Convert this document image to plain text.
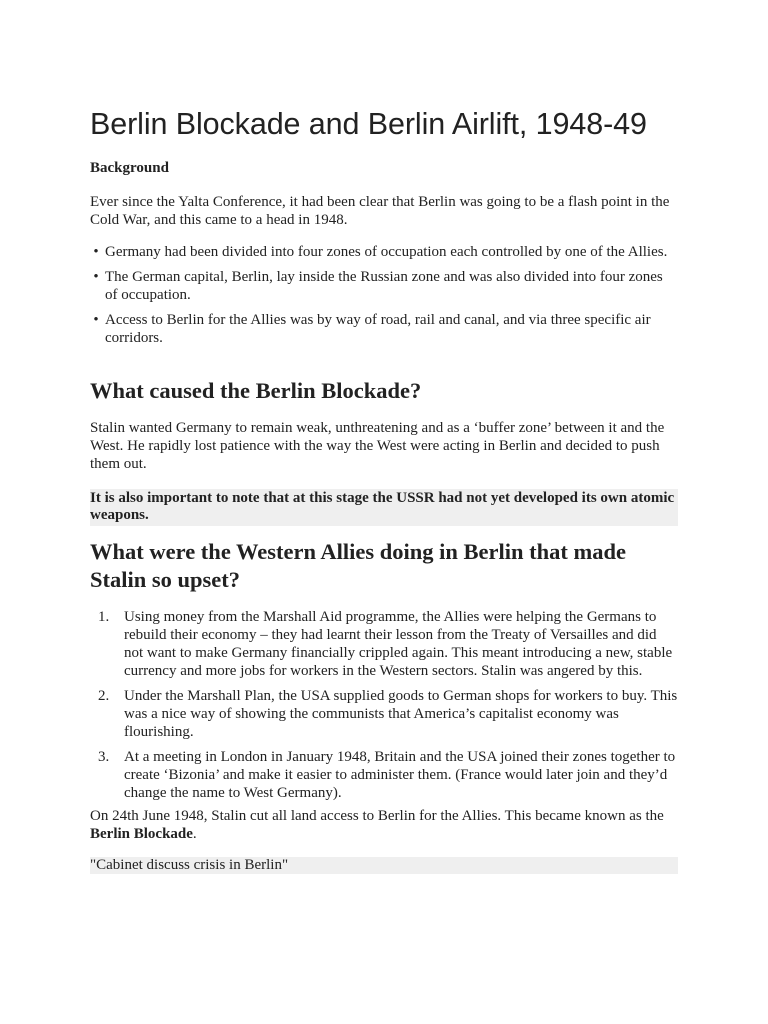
Berlin Blockade and Berlin Airlift, 1948-49
Background

Ever since the Yalta Conference, it had been clear that Berlin was going to be a flash point in the Cold War, and this came to a head in 1948.

• Germany had been divided into four zones of occupation each controlled by one of the Allies.
• The German capital, Berlin, lay inside the Russian zone and was also divided into four zones of occupation.
• Access to Berlin for the Allies was by way of road, rail and canal, and via three specific air corridors.
What caused the Berlin Blockade?

Stalin wanted Germany to remain weak, unthreatening and as a ‘buffer zone’ between it and the West. He rapidly lost patience with the way the West were acting in Berlin and decided to push them out.

It is also important to note that at this stage the USSR had not yet developed its own atomic weapons.
What were the Western Allies doing in Berlin that made Stalin so upset?
1. Using money from the Marshall Aid programme, the Allies were helping the Germans to rebuild their economy – they had learnt their lesson from the Treaty of Versailles and did not want to make Germany financially crippled again. This meant introducing a new, stable currency and more jobs for workers in the Western sectors. Stalin was angered by this.
2. Under the Marshall Plan, the USA supplied goods to German shops for workers to buy. This was a nice way of showing the communists that America’s capitalist economy was flourishing.
3. At a meeting in London in January 1948, Britain and the USA joined their zones together to create ‘Bizonia’ and make it easier to administer them. (France would later join and they’d change the name to West Germany).

On 24th June 1948, Stalin cut all land access to Berlin for the Allies. This became known as the Berlin Blockade.

"Cabinet discuss crisis in Berlin"
